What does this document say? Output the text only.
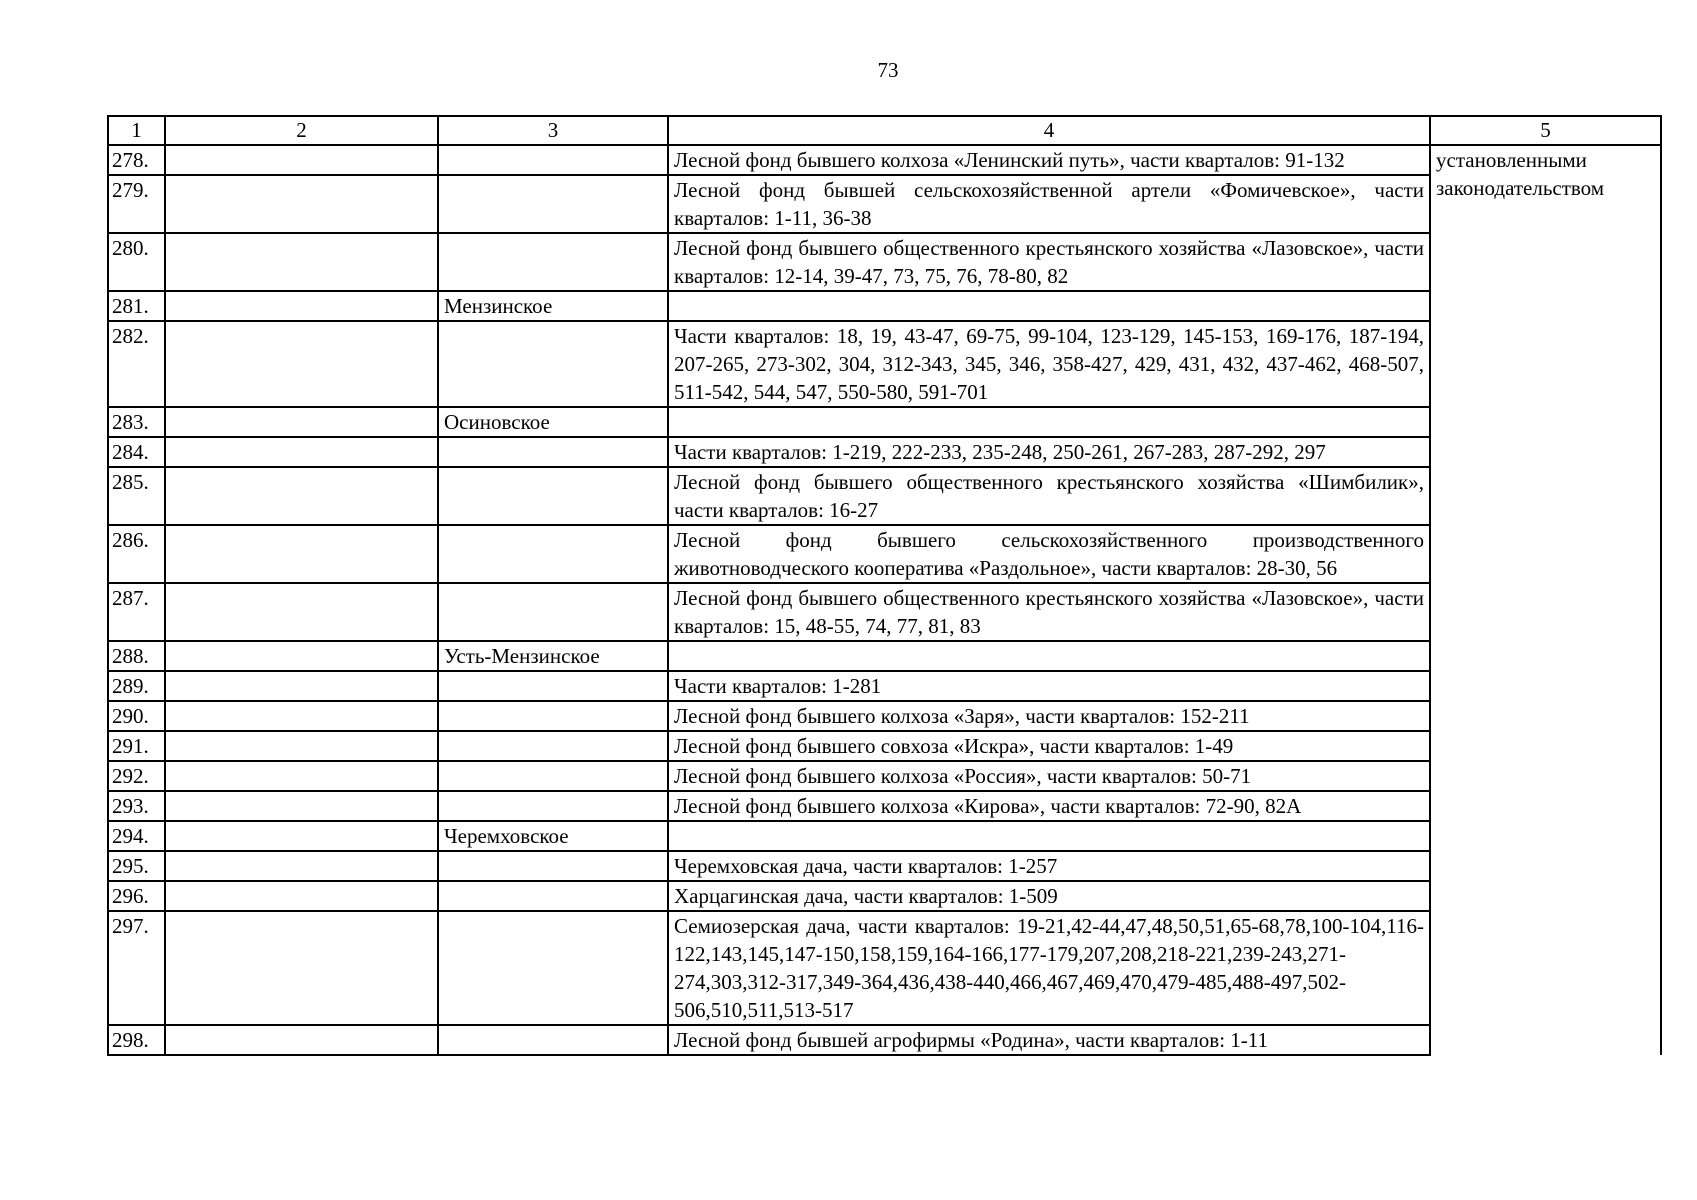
73
1	2	3	4	5
278.			Лесной фонд бывшего колхоза «Ленинский путь», части кварталов: 91-132	установленными
законодательством

279.			Лесной фонд бывшей сельскохозяйственной артели «Фомичевское», части кварталов: 1-11, 36-38	
280.			Лесной фонд бывшего общественного крестьянского хозяйства «Лазовское», части кварталов: 12-14, 39-47, 73, 75, 76, 78-80, 82	
281.		Мензинское		
282.			Части кварталов: 18, 19, 43-47, 69-75, 99-104, 123-129, 145-153, 169-176, 187-194, 207-265, 273-302, 304, 312-343, 345, 346, 358-427, 429, 431, 432, 437-462, 468-507, 511-542, 544, 547, 550-580, 591-701	
283.		Осиновское		
284.			Части кварталов: 1-219, 222-233, 235-248, 250-261, 267-283, 287-292, 297	
285.			Лесной фонд бывшего общественного крестьянского хозяйства «Шимбилик», части кварталов: 16-27	
286.			Лесной фонд бывшего сельскохозяйственного производственного животноводческого кооператива «Раздольное», части кварталов: 28-30, 56	
287.			Лесной фонд бывшего общественного крестьянского хозяйства «Лазовское», части кварталов: 15, 48-55, 74, 77, 81, 83	
288.		Усть-Мензинское		
289.			Части кварталов: 1-281	
290.			Лесной фонд бывшего колхоза «Заря», части кварталов: 152-211	
291.			Лесной фонд бывшего совхоза «Искра», части кварталов: 1-49	
292.			Лесной фонд бывшего колхоза «Россия», части кварталов: 50-71	
293.			Лесной фонд бывшего колхоза «Кирова», части кварталов: 72-90, 82А	
294.		Черемховское		
295.			Черемховская дача, части кварталов: 1-257	
296.			Харцагинская дача, части кварталов: 1-509	
297.			Семиозерская дача, части кварталов: 19-21,42-44,47,48,50,51,65-68,78,100-104,116-122,143,145,147-150,158,159,164-166,177-179,207,208,218-221,239-243,271-274,303,312-317,349-364,436,438-440,466,467,469,470,479-485,488-497,502-506,510,511,513-517	
298.			Лесной фонд бывшей агрофирмы «Родина», части кварталов: 1-11	
